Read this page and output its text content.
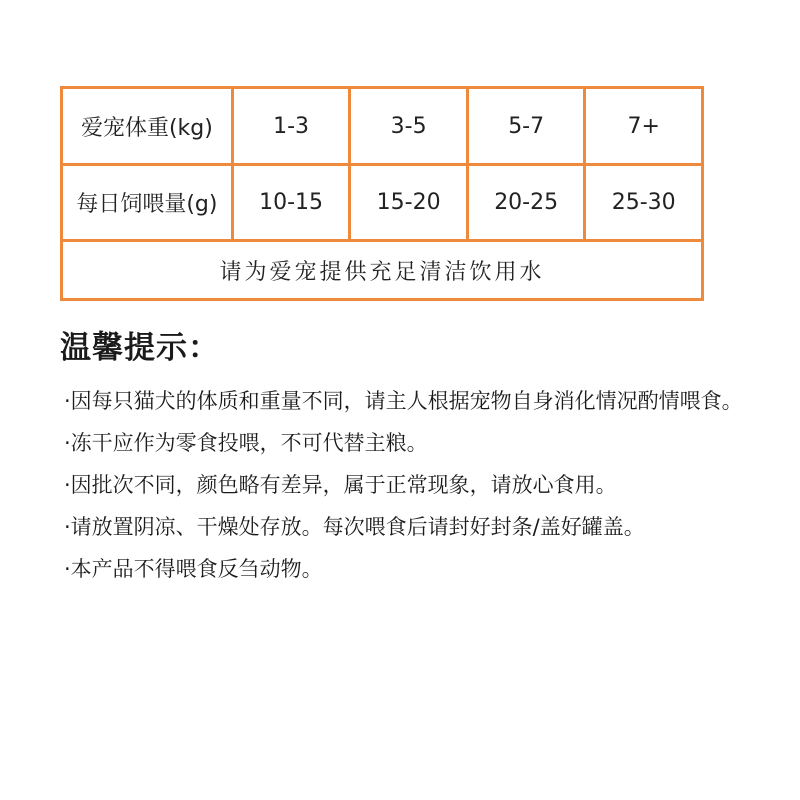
爱宠体重(kg)	1-3	3-5	5-7	7+
每日饲喂量(g)	10-15	15-20	20-25	25-30
请为爱宠提供充足清洁饮用水				
温馨提示：
·因每只猫犬的体质和重量不同，请主人根据宠物自身消化情况酌情喂食。
·冻干应作为零食投喂，不可代替主粮。
·因批次不同，颜色略有差异，属于正常现象，请放心食用。
·请放置阴凉、干燥处存放。每次喂食后请封好封条/盖好罐盖。
·本产品不得喂食反刍动物。
